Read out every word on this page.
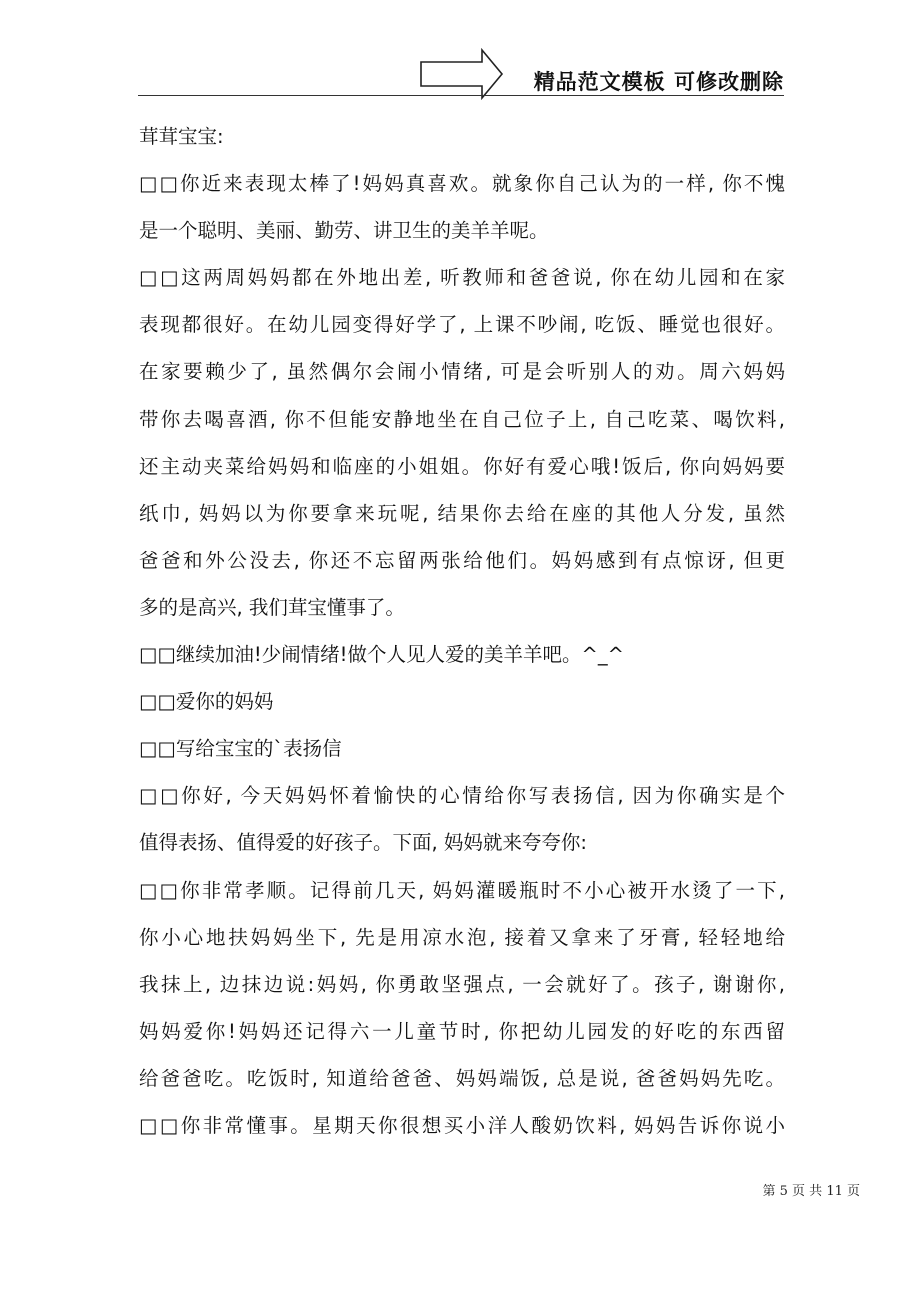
精品范文模板 可修改删除
茸茸宝宝:
□□你近来表现太棒了!妈妈真喜欢。就象你自己认为的一样, 你不愧
是一个聪明、美丽、勤劳、讲卫生的美羊羊呢。
□□这两周妈妈都在外地出差, 听教师和爸爸说, 你在幼儿园和在家
表现都很好。在幼儿园变得好学了, 上课不吵闹, 吃饭、睡觉也很好。
在家要赖少了, 虽然偶尔会闹小情绪, 可是会听别人的劝。周六妈妈
带你去喝喜酒, 你不但能安静地坐在自己位子上, 自己吃菜、喝饮料,
还主动夹菜给妈妈和临座的小姐姐。你好有爱心哦!饭后, 你向妈妈要
纸巾, 妈妈以为你要拿来玩呢, 结果你去给在座的其他人分发, 虽然
爸爸和外公没去, 你还不忘留两张给他们。妈妈感到有点惊讶, 但更
多的是高兴, 我们茸宝懂事了。
□□继续加油!少闹情绪!做个人见人爱的美羊羊吧。^_^
□□爱你的妈妈
□□写给宝宝的`表扬信
□□你好, 今天妈妈怀着愉快的心情给你写表扬信, 因为你确实是个
值得表扬、值得爱的好孩子。下面, 妈妈就来夸夸你:
□□你非常孝顺。记得前几天, 妈妈灌暖瓶时不小心被开水烫了一下,
你小心地扶妈妈坐下, 先是用凉水泡, 接着又拿来了牙膏, 轻轻地给
我抹上, 边抹边说:妈妈, 你勇敢坚强点, 一会就好了。孩子, 谢谢你,
妈妈爱你!妈妈还记得六一儿童节时, 你把幼儿园发的好吃的东西留
给爸爸吃。吃饭时, 知道给爸爸、妈妈端饭, 总是说, 爸爸妈妈先吃。
□□你非常懂事。星期天你很想买小洋人酸奶饮料, 妈妈告诉你说小
第 5 页 共 11 页
